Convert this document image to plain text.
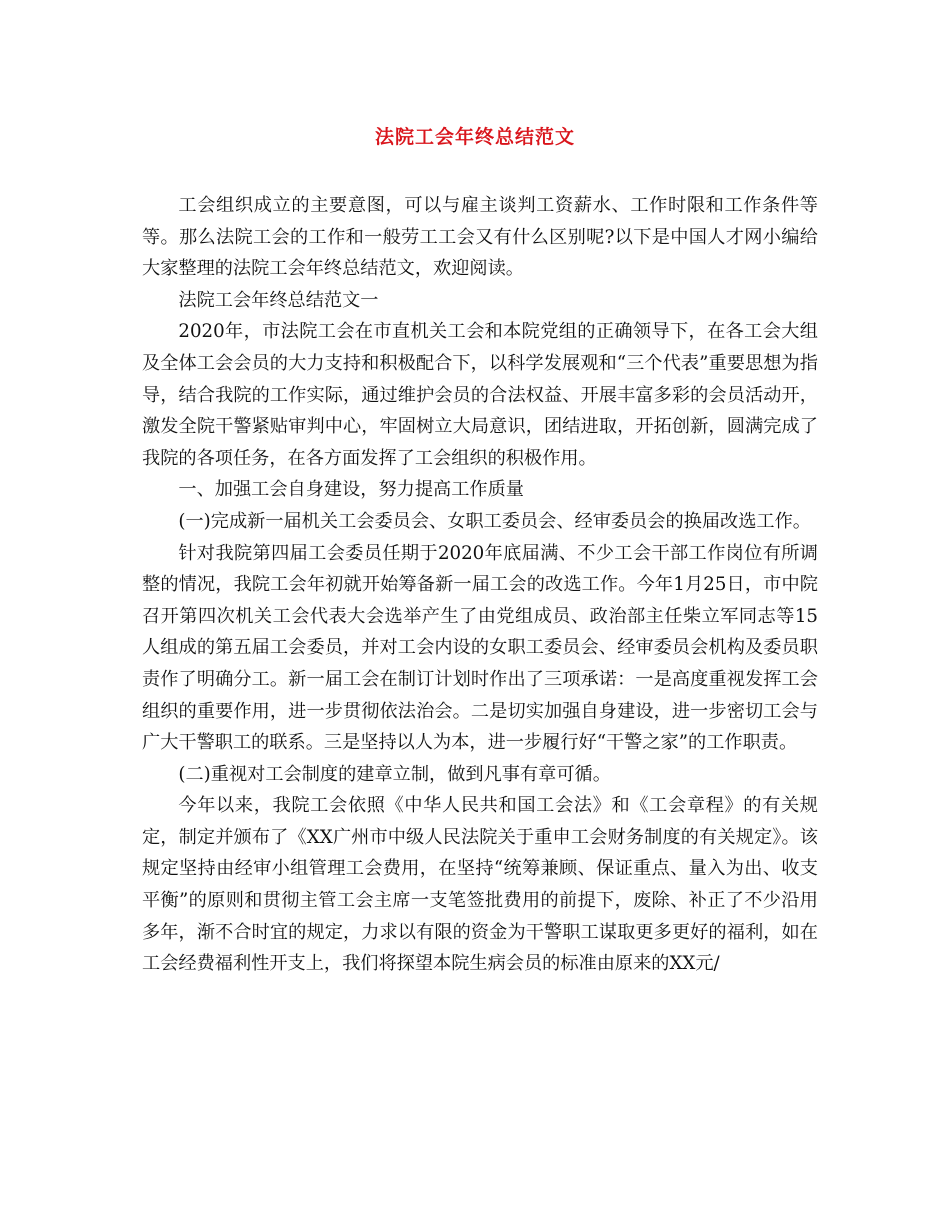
法院工会年终总结范文

工会组织成立的主要意图，可以与雇主谈判工资薪水、工作时限和工作条件等等。那么法院工会的工作和一般劳工工会又有什么区别呢?以下是中国人才网小编给大家整理的法院工会年终总结范文，欢迎阅读。

法院工会年终总结范文一

2020年，市法院工会在市直机关工会和本院党组的正确领导下，在各工会大组及全体工会会员的大力支持和积极配合下，以科学发展观和“三个代表”重要思想为指导，结合我院的工作实际，通过维护会员的合法权益、开展丰富多彩的会员活动开，激发全院干警紧贴审判中心，牢固树立大局意识，团结进取，开拓创新，圆满完成了我院的各项任务，在各方面发挥了工会组织的积极作用。

一、加强工会自身建设，努力提高工作质量

(一)完成新一届机关工会委员会、女职工委员会、经审委员会的换届改选工作。

针对我院第四届工会委员任期于2020年底届满、不少工会干部工作岗位有所调整的情况，我院工会年初就开始筹备新一届工会的改选工作。今年1月25日，市中院召开第四次机关工会代表大会选举产生了由党组成员、政治部主任柴立军同志等15人组成的第五届工会委员，并对工会内设的女职工委员会、经审委员会机构及委员职责作了明确分工。新一届工会在制订计划时作出了三项承诺：一是高度重视发挥工会组织的重要作用，进一步贯彻依法治会。二是切实加强自身建设，进一步密切工会与广大干警职工的联系。三是坚持以人为本，进一步履行好“干警之家”的工作职责。

(二)重视对工会制度的建章立制，做到凡事有章可循。

今年以来，我院工会依照《中华人民共和国工会法》和《工会章程》的有关规定，制定并颁布了《XX广州市中级人民法院关于重申工会财务制度的有关规定》。该规定坚持由经审小组管理工会费用，在坚持“统筹兼顾、保证重点、量入为出、收支平衡”的原则和贯彻主管工会主席一支笔签批费用的前提下，废除、补正了不少沿用多年，渐不合时宜的规定，力求以有限的资金为干警职工谋取更多更好的福利，如在工会经费福利性开支上，我们将探望本院生病会员的标准由原来的XX元/
